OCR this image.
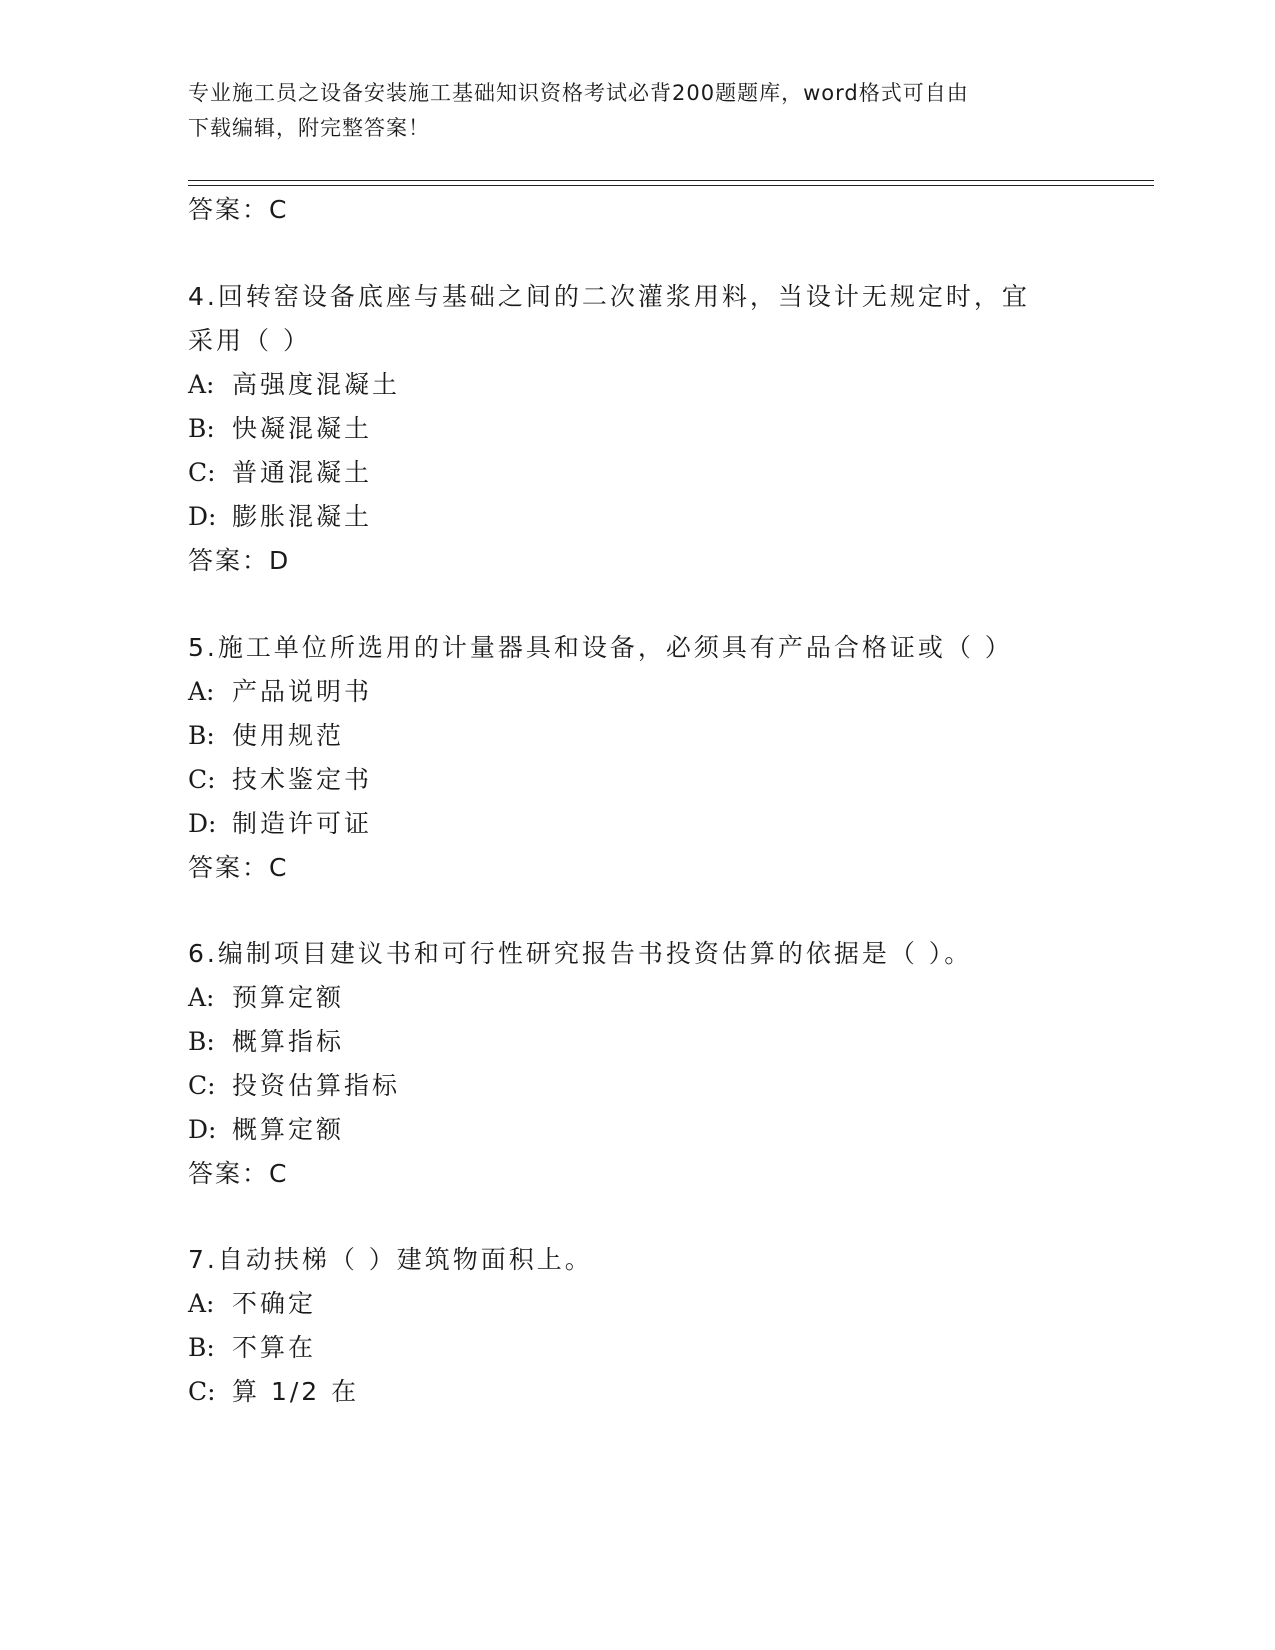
专业施工员之设备安装施工基础知识资格考试必背200题题库，word格式可自由
下载编辑，附完整答案！
答案：C
4.回转窑设备底座与基础之间的二次灌浆用料，当设计无规定时，宜
采用（ ）
A: 高强度混凝土
B: 快凝混凝土
C: 普通混凝土
D: 膨胀混凝土
答案：D
5.施工单位所选用的计量器具和设备，必须具有产品合格证或（ ）
A: 产品说明书
B: 使用规范
C: 技术鉴定书
D: 制造许可证
答案：C
6.编制项目建议书和可行性研究报告书投资估算的依据是（ ）。
A: 预算定额
B: 概算指标
C: 投资估算指标
D: 概算定额
答案：C
7.自动扶梯（ ）建筑物面积上。
A: 不确定
B: 不算在
C: 算 1/2 在
